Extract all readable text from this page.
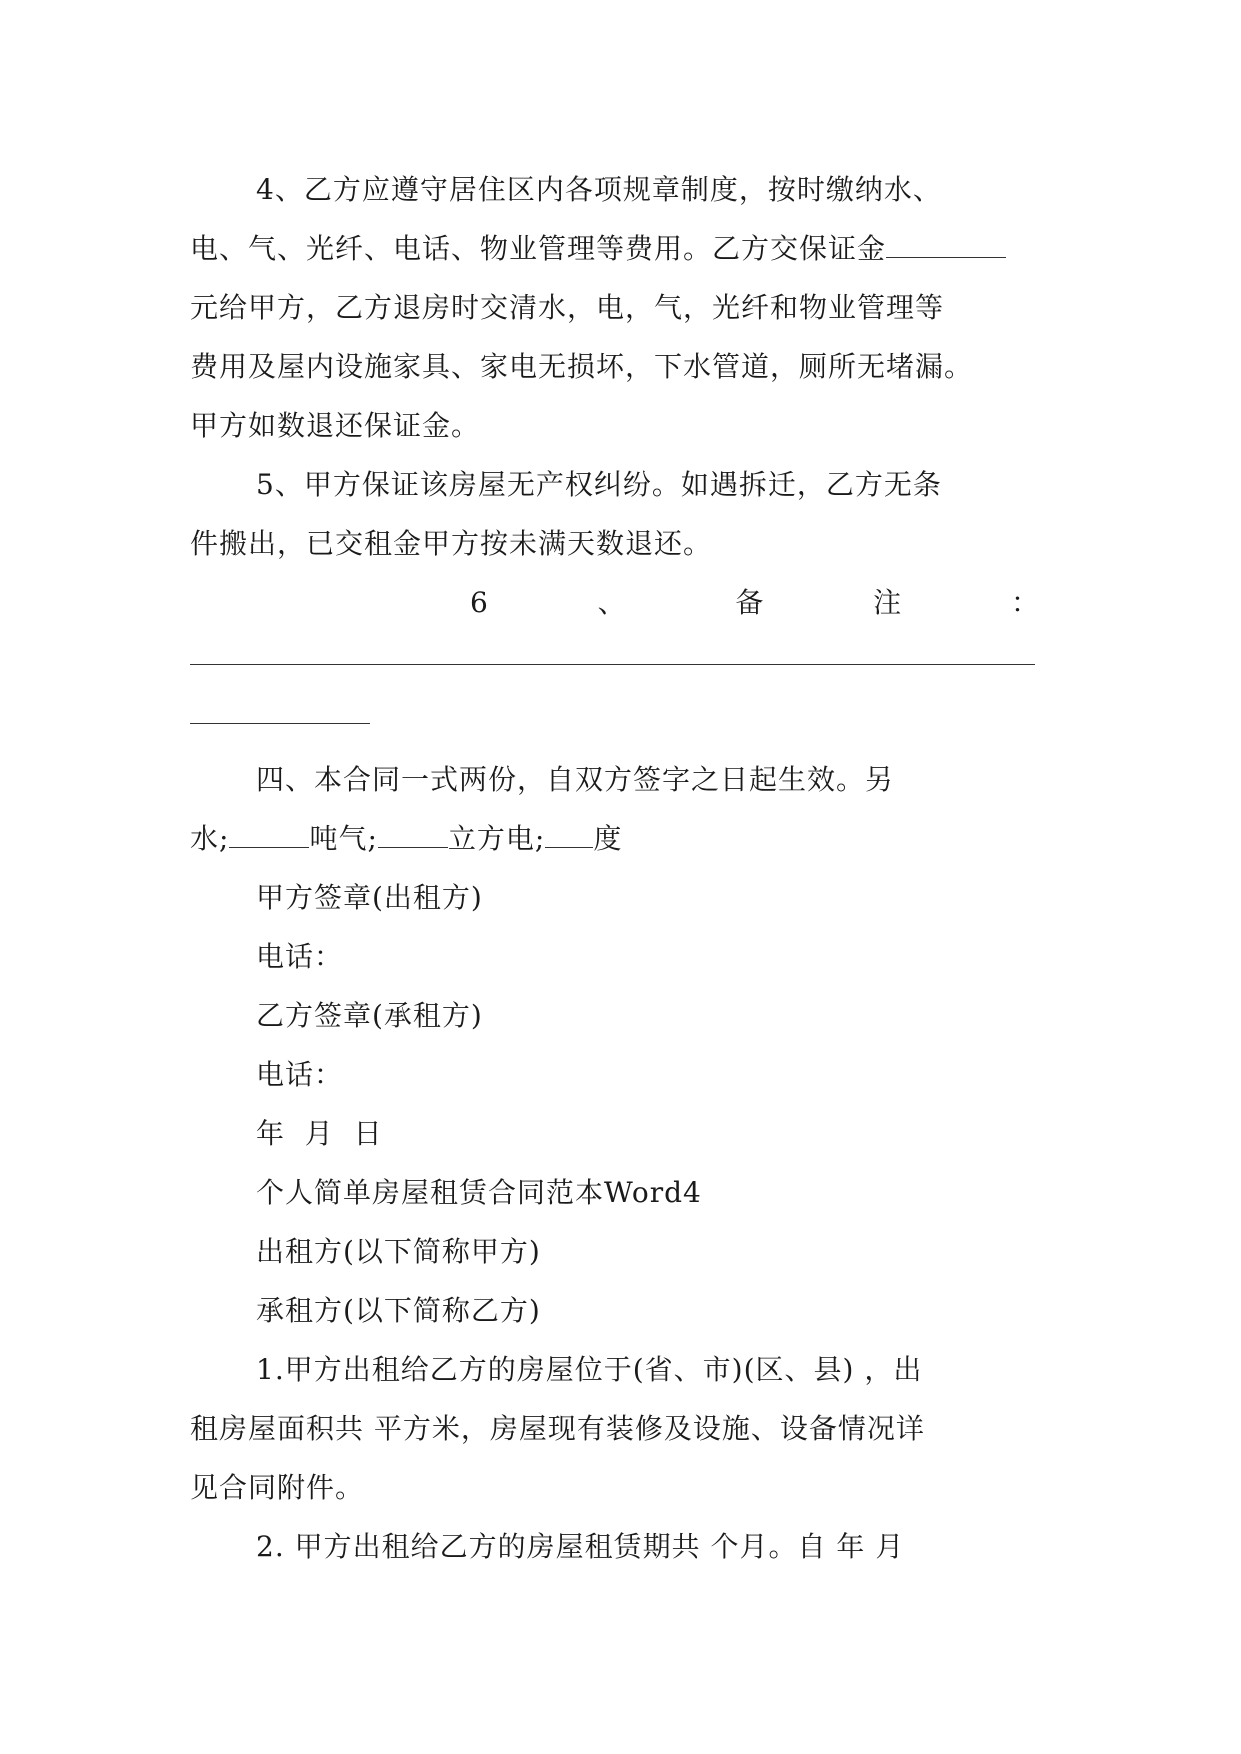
4、乙方应遵守居住区内各项规章制度，按时缴纳水、
电、气、光纤、电话、物业管理等费用。乙方交保证金
元给甲方，乙方退房时交清水，电，气，光纤和物业管理等
费用及屋内设施家具、家电无损坏，下水管道，厕所无堵漏。
甲方如数退还保证金。
5、甲方保证该房屋无产权纠纷。如遇拆迁，乙方无条
件搬出，已交租金甲方按未满天数退还。
6	、	备	注	：
四、本合同一式两份，自双方签字之日起生效。另
水;	吨气;	立方电; 度
甲方签章(出租方)
电话：
乙方签章(承租方)
电话：
年  月  日
个人简单房屋租赁合同范本Word4
出租方(以下简称甲方)
承租方(以下简称乙方)
1.甲方出租给乙方的房屋位于(省、市)(区、县) ，出
租房屋面积共 平方米，房屋现有装修及设施、设备情况详
见合同附件。
2. 甲方出租给乙方的房屋租赁期共 个月。自 年 月
